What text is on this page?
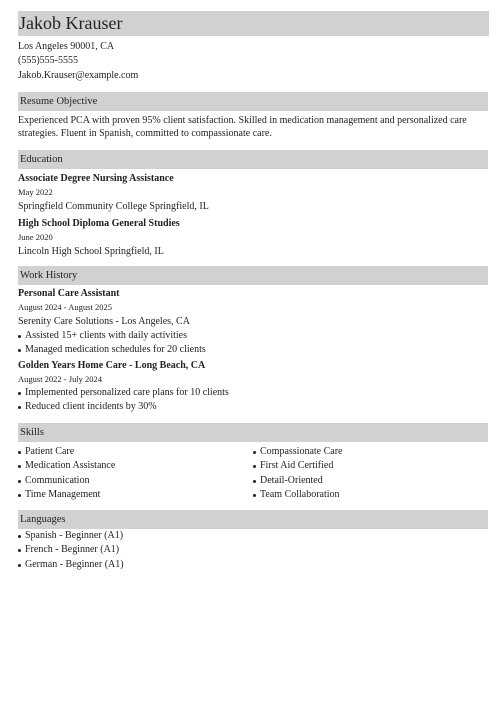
Jakob Krauser
Los Angeles 90001, CA
(555)555-5555
Jakob.Krauser@example.com
Resume Objective
Experienced PCA with proven 95% client satisfaction. Skilled in medication management and personalized care strategies. Fluent in Spanish, committed to compassionate care.
Education
Associate Degree Nursing Assistance
May 2022
Springfield Community College Springfield, IL
High School Diploma General Studies
June 2020
Lincoln High School Springfield, IL
Work History
Personal Care Assistant
August 2024 - August 2025
Serenity Care Solutions - Los Angeles, CA
Assisted 15+ clients with daily activities
Managed medication schedules for 20 clients
Golden Years Home Care - Long Beach, CA
August 2022 - July 2024
Implemented personalized care plans for 10 clients
Reduced client incidents by 30%
Skills
Patient Care
Medication Assistance
Communication
Time Management
Compassionate Care
First Aid Certified
Detail-Oriented
Team Collaboration
Languages
Spanish - Beginner (A1)
French - Beginner (A1)
German - Beginner (A1)
